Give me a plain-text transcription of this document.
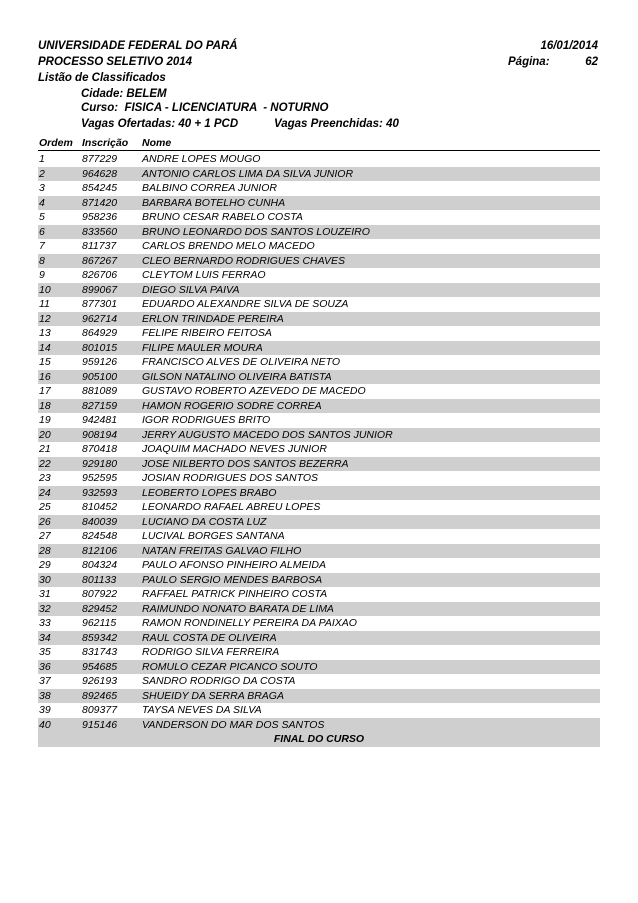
UNIVERSIDADE FEDERAL DO PARÁ	16/01/2014
PROCESSO SELETIVO 2014	Página:	62
Listão de Classificados
Cidade: BELEM
Curso:  FISICA - LICENCIATURA  - NOTURNO
Vagas Ofertadas: 40 + 1 PCD	Vagas Preenchidas: 40
Ordem Inscrição Nome
1	877229 ANDRE LOPES MOUGO
2	964628 ANTONIO CARLOS LIMA DA SILVA JUNIOR
3	854245 BALBINO CORREA JUNIOR
4	871420 BARBARA BOTELHO CUNHA
5	958236 BRUNO CESAR RABELO COSTA
6	833560 BRUNO LEONARDO DOS SANTOS LOUZEIRO
7	811737 CARLOS BRENDO MELO MACEDO
8	867267 CLEO BERNARDO RODRIGUES CHAVES
9	826706 CLEYTOM LUIS FERRAO
10	899067 DIEGO SILVA PAIVA
11	877301 EDUARDO ALEXANDRE SILVA DE SOUZA
12	962714 ERLON TRINDADE PEREIRA
13	864929 FELIPE RIBEIRO FEITOSA
14	801015 FILIPE MAULER MOURA
15	959126 FRANCISCO ALVES DE OLIVEIRA NETO
16	905100 GILSON NATALINO OLIVEIRA BATISTA
17	881089 GUSTAVO ROBERTO AZEVEDO DE MACEDO
18	827159 HAMON ROGERIO SODRE CORREA
19	942481 IGOR RODRIGUES BRITO
20	908194 JERRY AUGUSTO MACEDO DOS SANTOS JUNIOR
21	870418 JOAQUIM MACHADO NEVES JUNIOR
22	929180 JOSE NILBERTO DOS SANTOS BEZERRA
23	952595 JOSIAN RODRIGUES DOS SANTOS
24	932593 LEOBERTO LOPES BRABO
25	810452 LEONARDO RAFAEL ABREU LOPES
26	840039 LUCIANO DA COSTA LUZ
27	824548 LUCIVAL BORGES SANTANA
28	812106 NATAN FREITAS GALVAO FILHO
29	804324 PAULO AFONSO PINHEIRO ALMEIDA
30	801133 PAULO SERGIO MENDES BARBOSA
31	807922 RAFFAEL PATRICK PINHEIRO COSTA
32	829452 RAIMUNDO NONATO BARATA DE LIMA
33	962115 RAMON RONDINELLY PEREIRA DA PAIXAO
34	859342 RAUL COSTA DE OLIVEIRA
35	831743 RODRIGO SILVA FERREIRA
36	954685 ROMULO CEZAR PICANCO SOUTO
37	926193 SANDRO RODRIGO DA COSTA
38	892465 SHUEIDY DA SERRA BRAGA
39	809377 TAYSA NEVES DA SILVA
40	915146 VANDERSON DO MAR DOS SANTOS
FINAL DO CURSO
